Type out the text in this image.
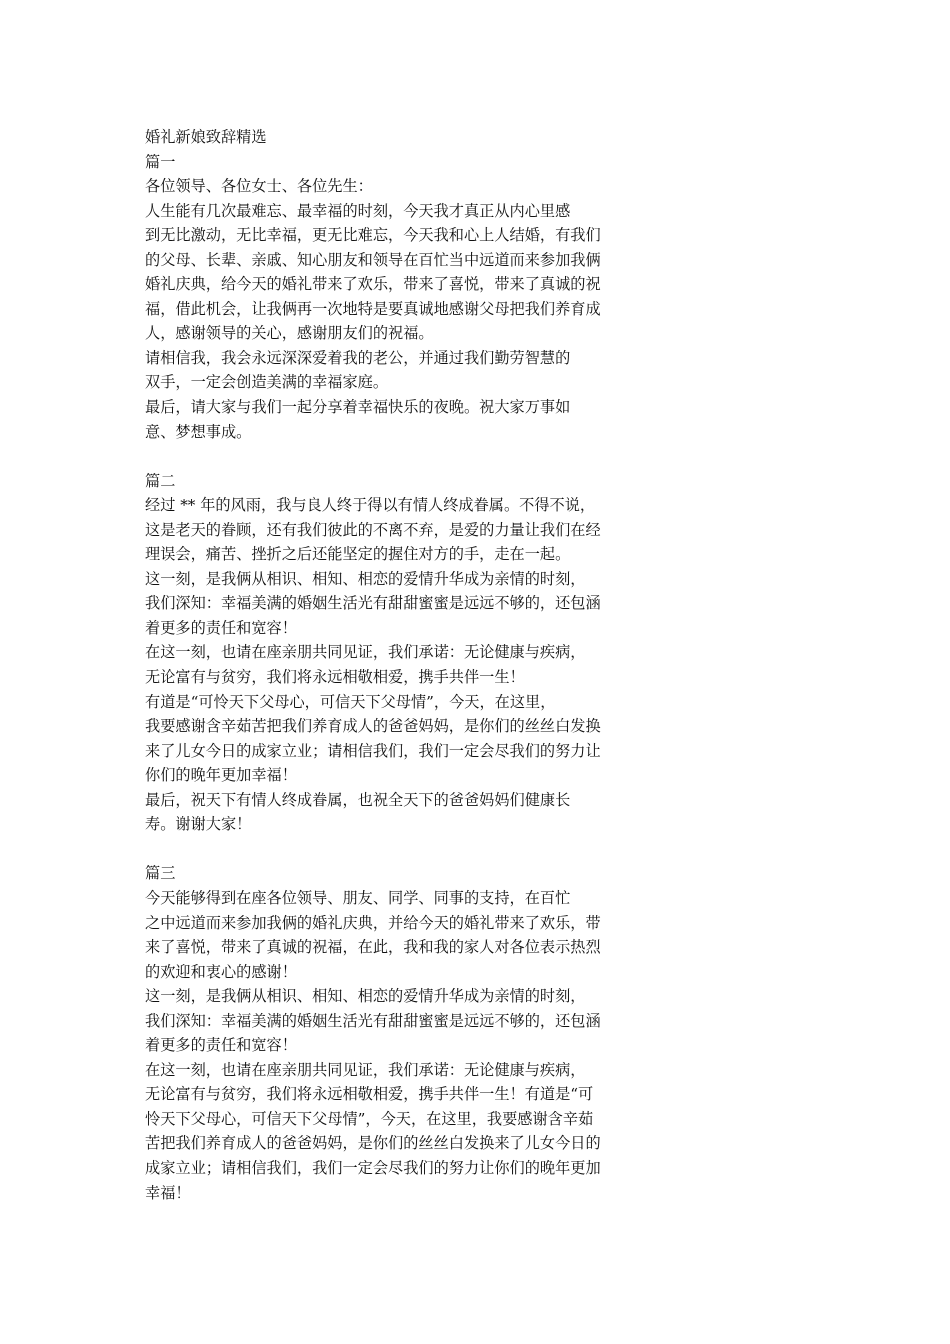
婚礼新娘致辞精选
篇一
各位领导、各位女士、各位先生：
人生能有几次最难忘、最幸福的时刻，今天我才真正从内心里感
到无比激动，无比幸福，更无比难忘，今天我和心上人结婚，有我们
的父母、长辈、亲戚、知心朋友和领导在百忙当中远道而来参加我俩
婚礼庆典，给今天的婚礼带来了欢乐，带来了喜悦，带来了真诚的祝
福，借此机会，让我俩再一次地特是要真诚地感谢父母把我们养育成
人，感谢领导的关心，感谢朋友们的祝福。
请相信我，我会永远深深爱着我的老公，并通过我们勤劳智慧的
双手，一定会创造美满的幸福家庭。
最后，请大家与我们一起分享着幸福快乐的夜晚。祝大家万事如
意、梦想事成。
篇二
经过 ** 年的风雨，我与良人终于得以有情人终成眷属。不得不说，
这是老天的眷顾，还有我们彼此的不离不弃，是爱的力量让我们在经
理误会，痛苦、挫折之后还能坚定的握住对方的手，走在一起。
这一刻，是我俩从相识、相知、相恋的爱情升华成为亲情的时刻，
我们深知：幸福美满的婚姻生活光有甜甜蜜蜜是远远不够的，还包涵
着更多的责任和宽容！
在这一刻，也请在座亲朋共同见证，我们承诺：无论健康与疾病，
无论富有与贫穷，我们将永远相敬相爱，携手共伴一生！
有道是“可怜天下父母心，可信天下父母情”，今天，在这里，
我要感谢含辛茹苦把我们养育成人的爸爸妈妈，是你们的丝丝白发换
来了儿女今日的成家立业；请相信我们，我们一定会尽我们的努力让
你们的晚年更加幸福！
最后，祝天下有情人终成眷属，也祝全天下的爸爸妈妈们健康长
寿。谢谢大家！
篇三
今天能够得到在座各位领导、朋友、同学、同事的支持，在百忙
之中远道而来参加我俩的婚礼庆典，并给今天的婚礼带来了欢乐，带
来了喜悦，带来了真诚的祝福，在此，我和我的家人对各位表示热烈
的欢迎和衷心的感谢！
这一刻，是我俩从相识、相知、相恋的爱情升华成为亲情的时刻，
我们深知：幸福美满的婚姻生活光有甜甜蜜蜜是远远不够的，还包涵
着更多的责任和宽容！
在这一刻，也请在座亲朋共同见证，我们承诺：无论健康与疾病，
无论富有与贫穷，我们将永远相敬相爱，携手共伴一生！有道是“可
怜天下父母心，可信天下父母情”，今天，在这里，我要感谢含辛茹
苦把我们养育成人的爸爸妈妈，是你们的丝丝白发换来了儿女今日的
成家立业；请相信我们，我们一定会尽我们的努力让你们的晚年更加
幸福！
